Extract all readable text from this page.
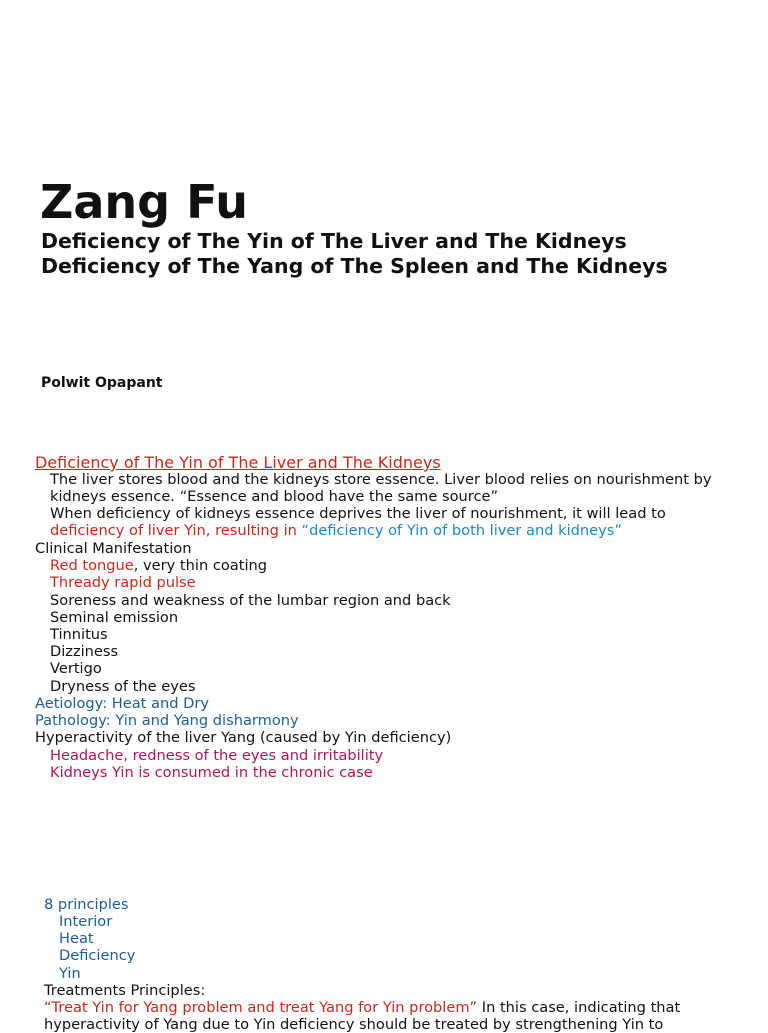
Zang Fu
Deficiency of The Yin of The Liver and The Kidneys
Deficiency of The Yang of The Spleen and The Kidneys
Polwit Opapant
Deficiency of The Yin of The Liver and The Kidneys
The liver stores blood and the kidneys store essence. Liver blood relies on nourishment by
kidneys essence. “Essence and blood have the same source”
When deficiency of kidneys essence deprives the liver of nourishment, it will lead to
deficiency of liver Yin, resulting in “deficiency of Yin of both liver and kidneys”
Clinical Manifestation
Red tongue, very thin coating
Thready rapid pulse
Soreness and weakness of the lumbar region and back
Seminal emission
Tinnitus
Dizziness
Vertigo
Dryness of the eyes
Aetiology: Heat and Dry
Pathology: Yin and Yang disharmony
Hyperactivity of the liver Yang (caused by Yin deficiency)
Headache, redness of the eyes and irritability
Kidneys Yin is consumed in the chronic case
8 principles
Interior
Heat
Deficiency
Yin
Treatments Principles:
“Treat Yin for Yang problem and treat Yang for Yin problem” In this case, indicating that
hyperactivity of Yang due to Yin deficiency should be treated by strengthening Yin to
